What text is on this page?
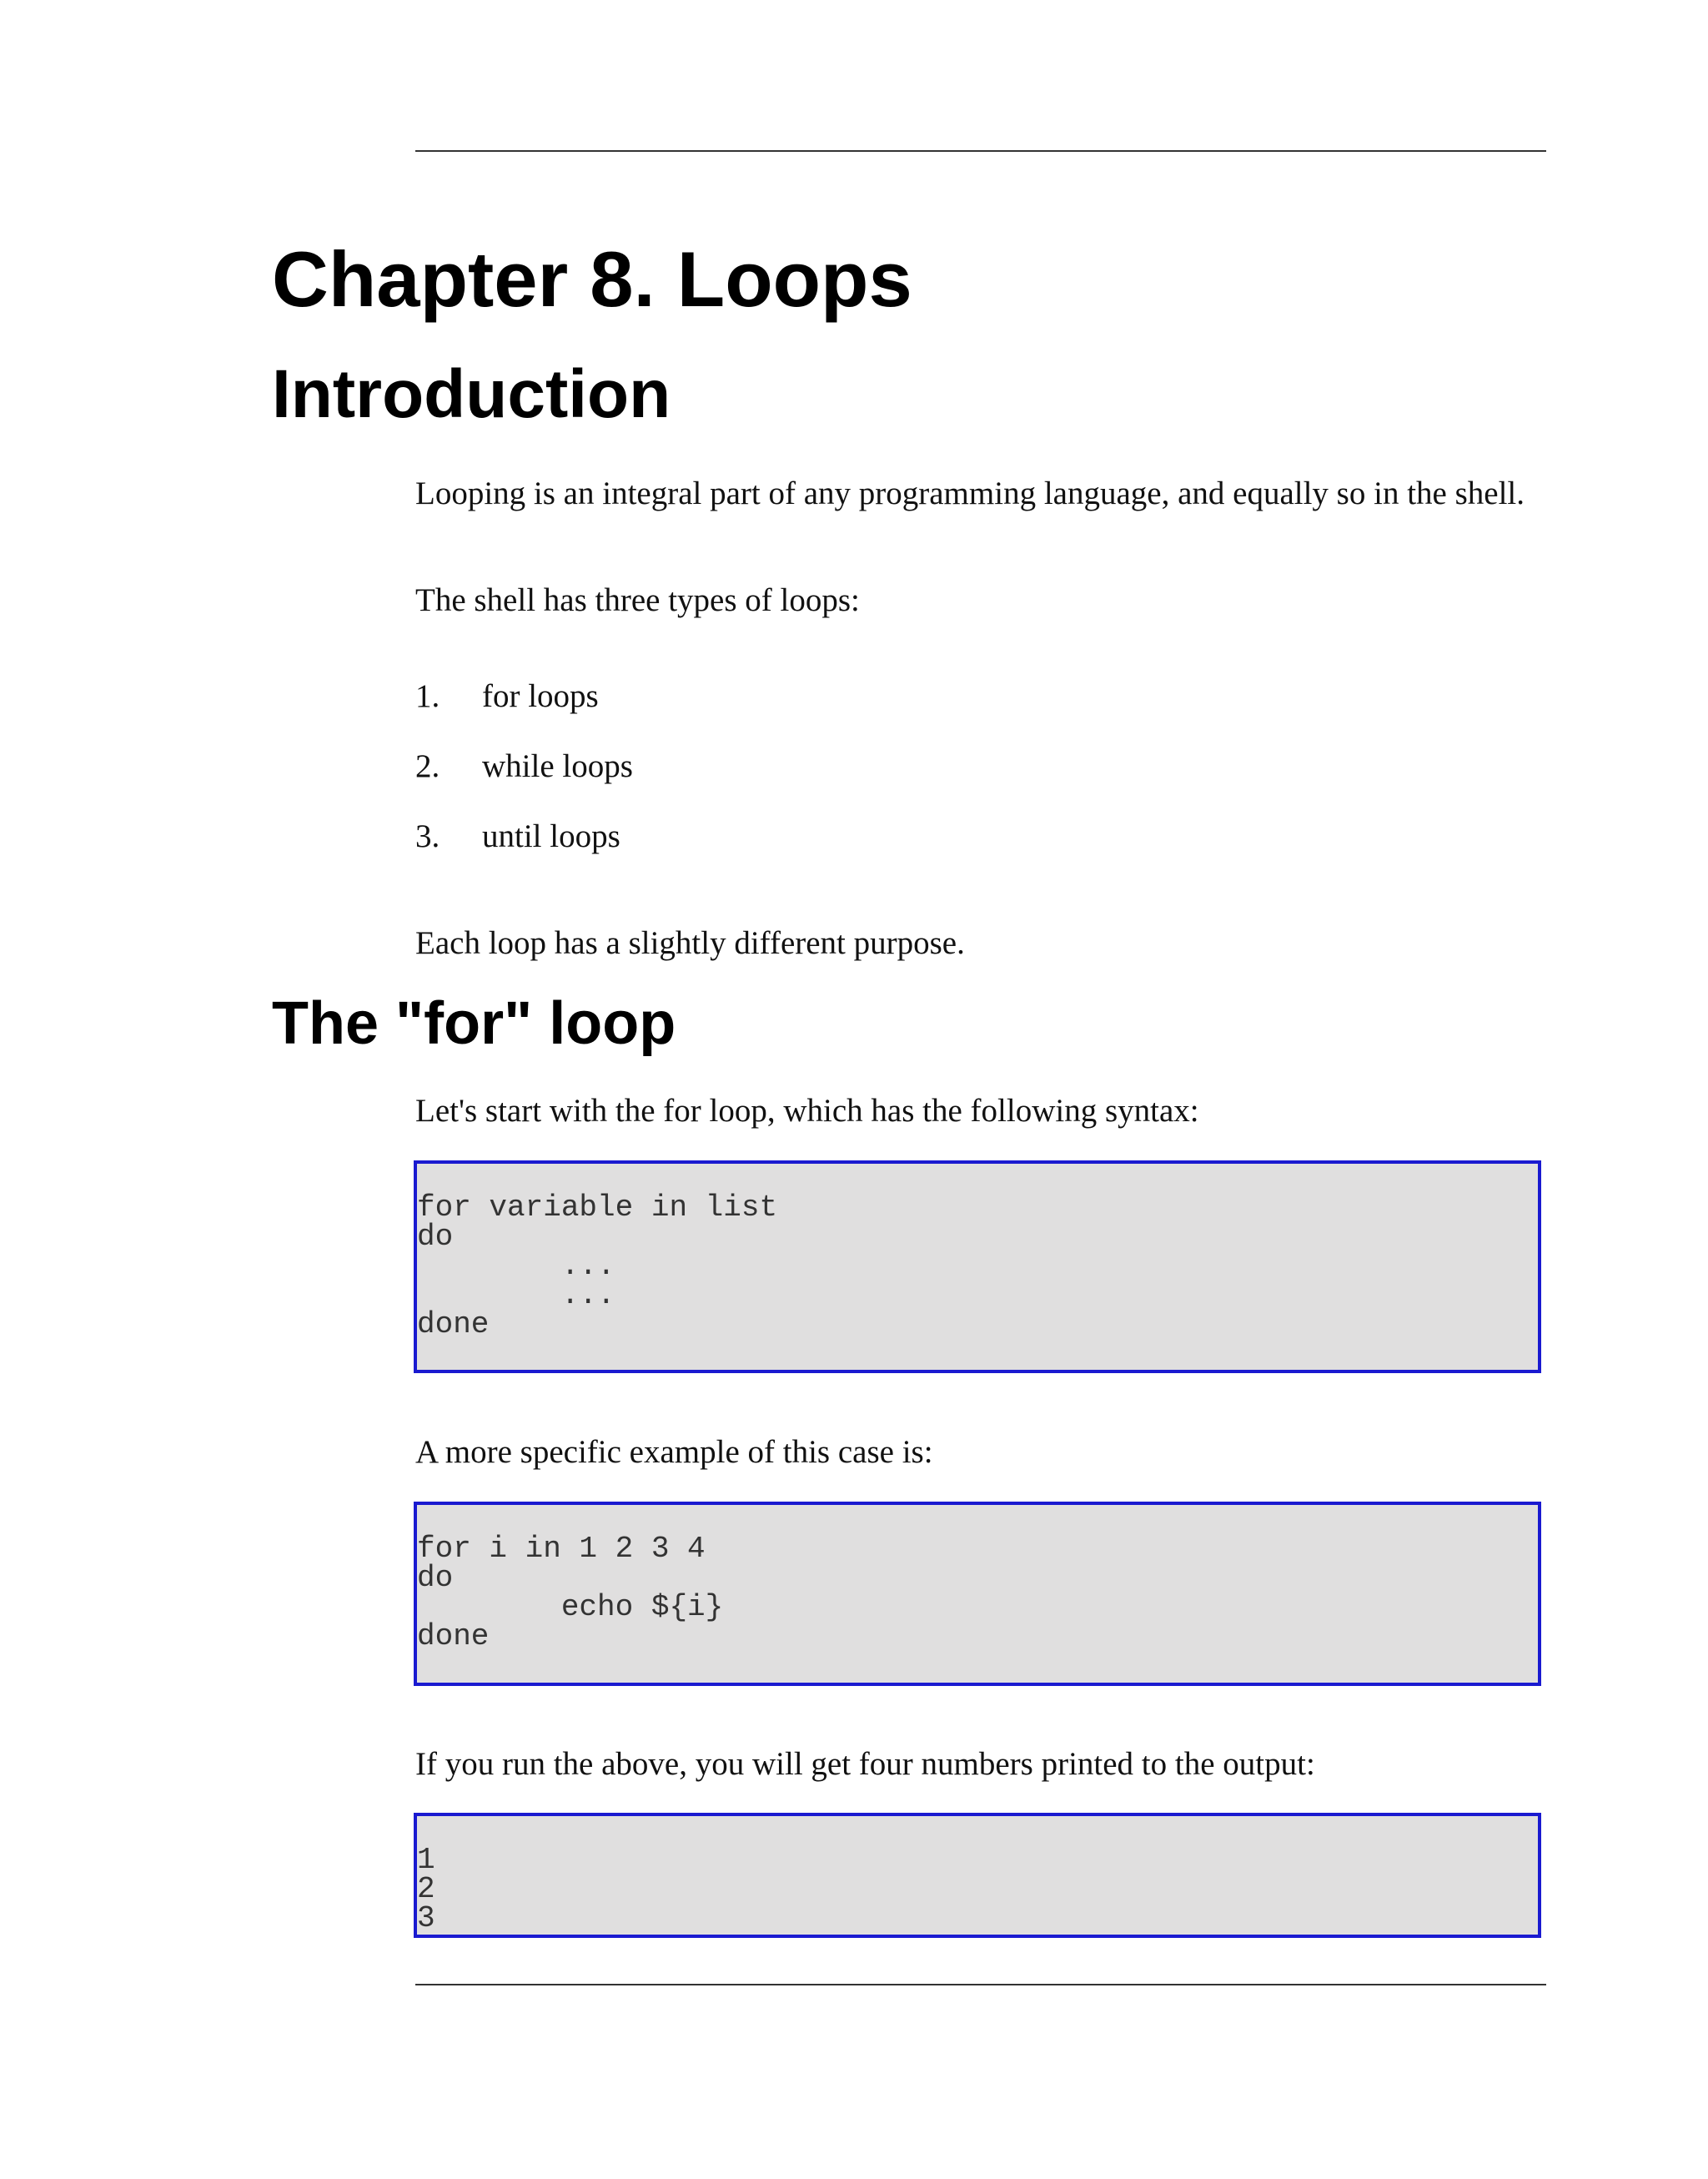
Chapter 8. Loops
Introduction

Looping is an integral part of any programming language, and equally so in the shell.

The shell has three types of loops:

1. for loops
2. while loops
3. until loops

Each loop has a slightly different purpose.

The "for" loop

Let's start with the for loop, which has the following syntax:

for variable in list
do
...
...
done

A more specific example of this case is:

for i in 1 2 3 4
do
echo ${i}
done

If you run the above, you will get four numbers printed to the output:

1
2
3
